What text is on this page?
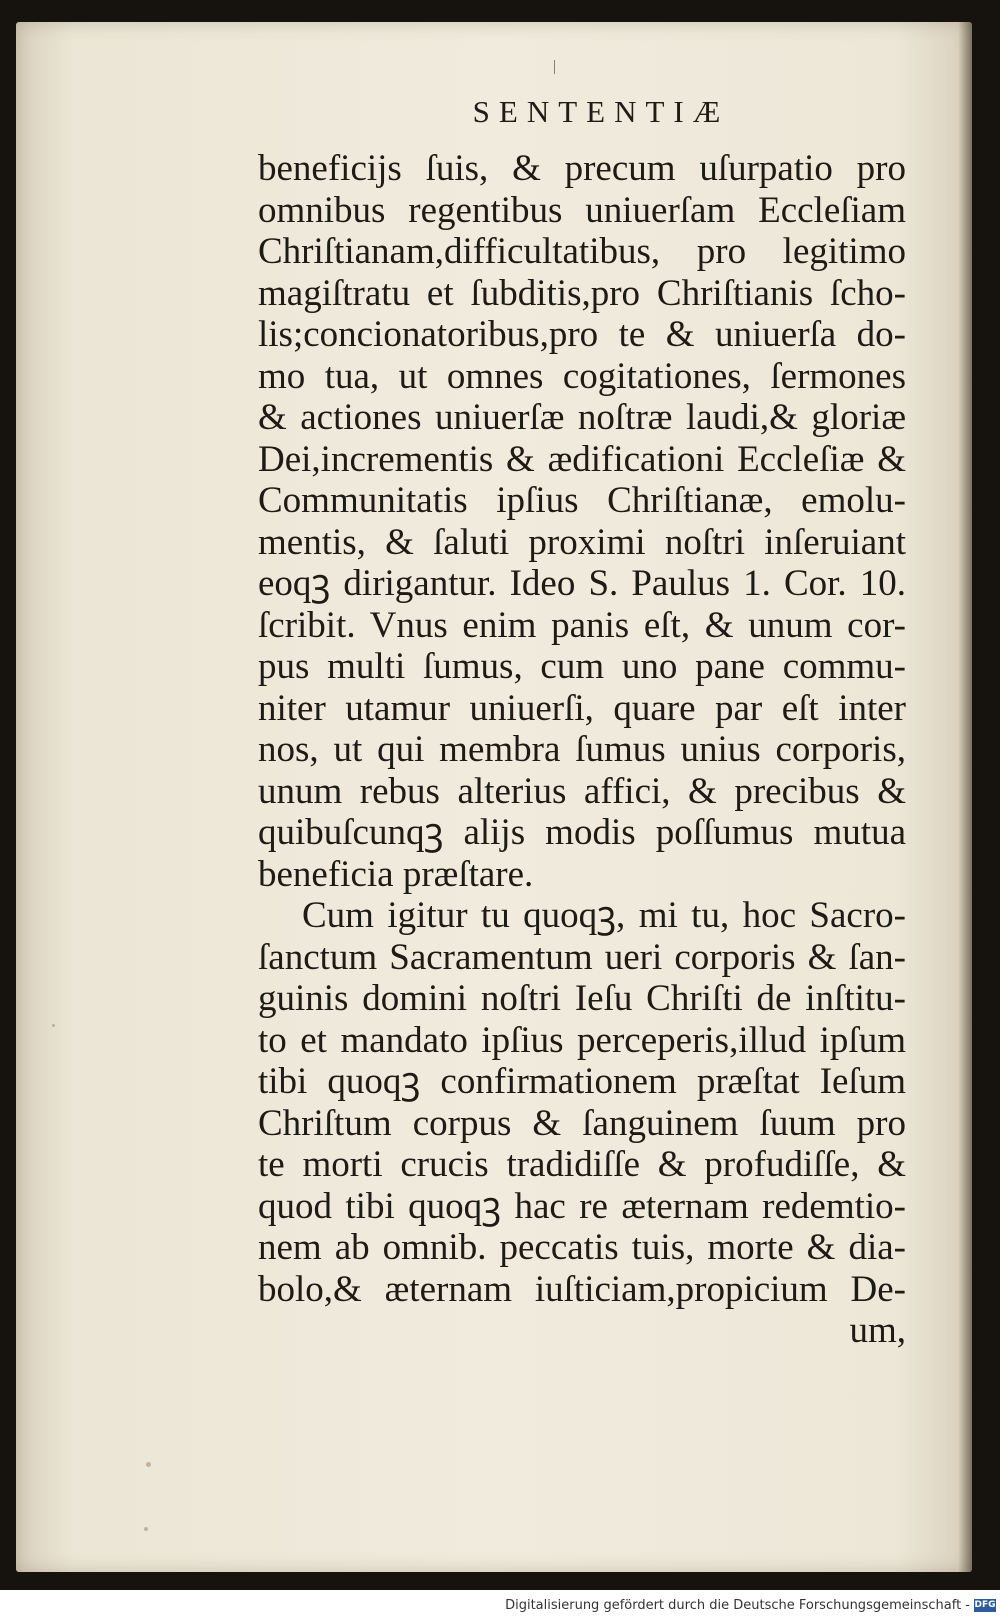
SENTENTIÆ
beneficijs ſuis, & precum uſurpatio pro
omnibus regentibus uniuerſam Eccleſiam
Chriſtianam,difficultatibus, pro legitimo
magiſtratu et ſubditis,pro Chriſtianis ſcho-
lis;concionatoribus,pro te & uniuerſa do-
mo tua, ut omnes cogitationes, ſermones
& actiones uniuerſæ noſtræ laudi,& gloriæ
Dei,incrementis & ædificationi Eccleſiæ &
Communitatis ipſius Chriſtianæ, emolu-
mentis, & ſaluti proximi noſtri inſeruiant
eoqꝫ dirigantur. Ideo S. Paulus 1. Cor. 10.
ſcribit. Vnus enim panis eſt, & unum cor-
pus multi ſumus, cum uno pane commu-
niter utamur uniuerſi, quare par eſt inter
nos, ut qui membra ſumus unius corporis,
unum rebus alterius affici, & precibus &
quibuſcunqꝫ alijs modis poſſumus mutua
beneficia præſtare.
Cum igitur tu quoqꝫ, mi tu, hoc Sacro-
ſanctum Sacramentum ueri corporis & ſan-
guinis domini noſtri Ieſu Chriſti de inſtitu-
to et mandato ipſius perceperis,illud ipſum
tibi quoqꝫ confirmationem præſtat Ieſum
Chriſtum corpus & ſanguinem ſuum pro
te morti crucis tradidiſſe & profudiſſe, &
quod tibi quoqꝫ hac re æternam redemtio-
nem ab omnib. peccatis tuis, morte & dia-
bolo,& æternam iuſticiam,propicium De-
um,
Digitalisierung gefördert durch die Deutsche Forschungsgemeinschaft - DFG
